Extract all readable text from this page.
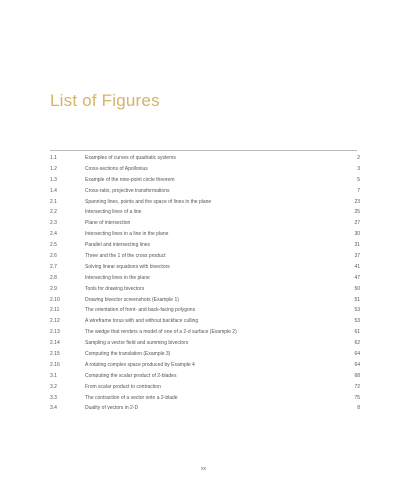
List of Figures
1.1	Examples of curves of quadratic systems	2
1.2	Cross-sections of Apollonius	3
1.3	Example of the nine-point circle theorem	5
1.4	Cross-ratio, projective transformations	7
2.1	Spanning lines, points and the space of lines in the plane	23
2.2	Intersecting lines of a line	25
2.3	Plane of intersection	27
2.4	Intersecting lines in a line in the plane	30
2.5	Parallel and intersecting lines	31
2.6	Three and the 1 of the cross product	37
2.7	Solving linear equations with bivectors	41
2.8	Intersecting lines in the plane	47
2.9	Tools for drawing bivectors	50
2.10	Drawing bivector screenshots (Example 1)	51
2.11	The orientation of front- and back-facing polygons	53
2.12	A wireframe torus with and without backface culling	53
2.13	The wedge that renders a model of one of a 2-d surface (Example 2)	61
2.14	Sampling a vector field and summing bivectors	62
2.15	Computing the translation (Example 3)	64
2.16	A rotating complex space produced by Example 4	64
3.1	Computing the scalar product of 2-blades	68
3.2	From scalar product to contraction	72
3.3	The contraction of a vector onto a 2-blade	75
3.4	Duality of vectors in 2-D	8
xx
